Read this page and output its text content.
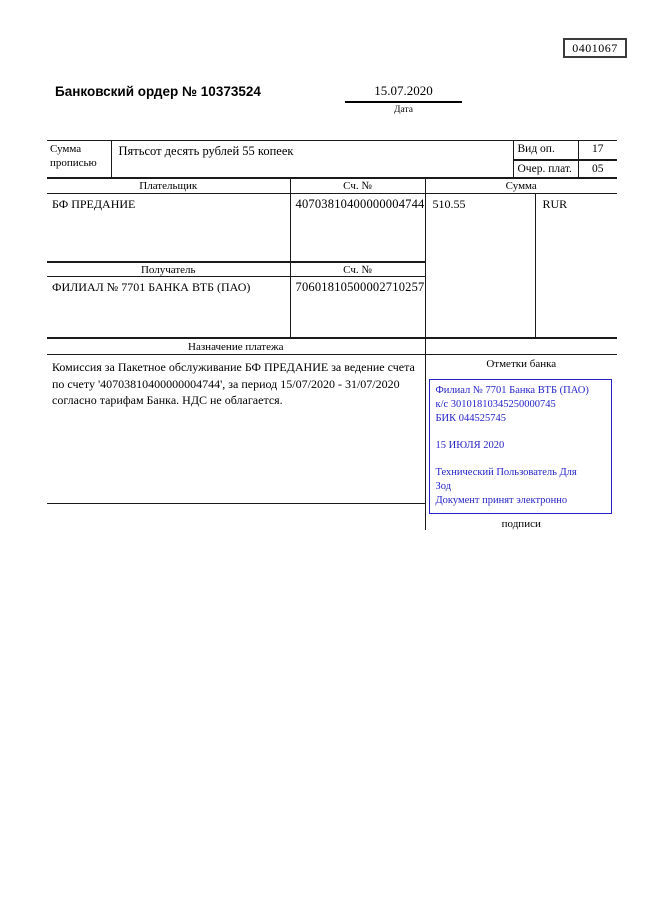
0401067
Банковский ордер № 10373524	15.07.2020
Дата
Сумма
прописью	Пятьсот десять рублей 55 копеек	Вид оп.	17
		Очер. плат.	05
Плательщик	Сч. №	Сумма	
БФ ПРЕДАНИЕ	40703810400000004744	510.55	RUR
Получатель	Сч. №		
ФИЛИАЛ № 7701 БАНКА ВТБ (ПАО)	70601810500002710257		
Назначение платежа	

Комиссия за Пакетное обслуживание БФ ПРЕДАНИЕ за ведение счета по счету '40703810400000004744', за период 15/07/2020 - 31/07/2020 согласно тарифам Банка. НДС не облагается.

Отметки банка
Филиал № 7701 Банка ВТБ (ПАО)
к/с 30101810345250000745
БИК 044525745
15 ИЮЛЯ 2020
Технический Пользователь Для Зод
Документ принят электронно
подписи
